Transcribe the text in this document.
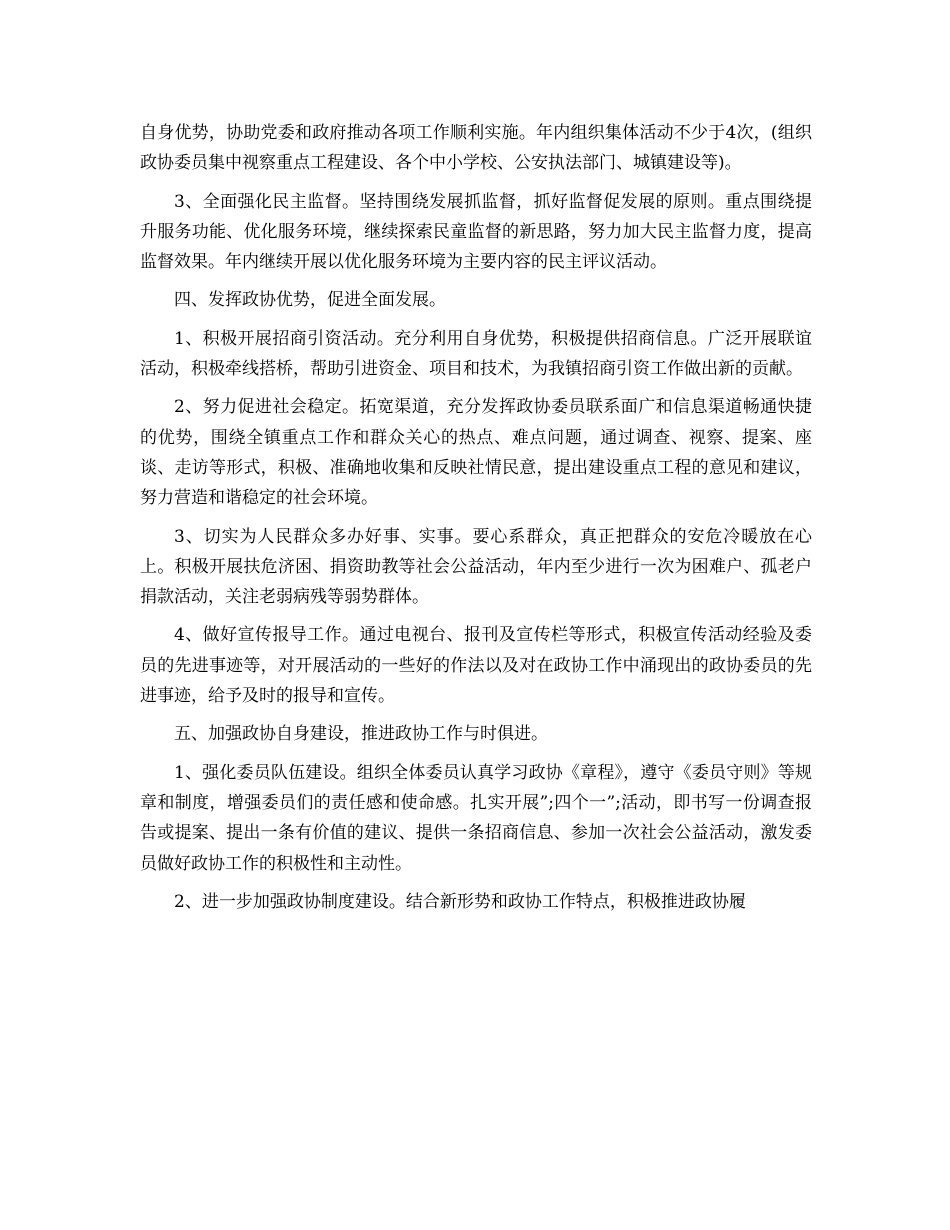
自身优势，协助党委和政府推动各项工作顺利实施。年内组织集体活动不少于4次，(组织政协委员集中视察重点工程建设、各个中小学校、公安执法部门、城镇建设等)。

3、全面强化民主监督。坚持围绕发展抓监督，抓好监督促发展的原则。重点围绕提升服务功能、优化服务环境，继续探索民童监督的新思路，努力加大民主监督力度，提高监督效果。年内继续开展以优化服务环境为主要内容的民主评议活动。

四、发挥政协优势，促进全面发展。

1、积极开展招商引资活动。充分利用自身优势，积极提供招商信息。广泛开展联谊活动，积极牵线搭桥，帮助引进资金、项目和技术，为我镇招商引资工作做出新的贡献。

2、努力促进社会稳定。拓宽渠道，充分发挥政协委员联系面广和信息渠道畅通快捷的优势，围绕全镇重点工作和群众关心的热点、难点问题，通过调查、视察、提案、座谈、走访等形式，积极、准确地收集和反映社情民意，提出建设重点工程的意见和建议，努力营造和谐稳定的社会环境。

3、切实为人民群众多办好事、实事。要心系群众，真正把群众的安危冷暖放在心上。积极开展扶危济困、捐资助教等社会公益活动，年内至少进行一次为困难户、孤老户捐款活动，关注老弱病残等弱势群体。

4、做好宣传报导工作。通过电视台、报刊及宣传栏等形式，积极宣传活动经验及委员的先进事迹等，对开展活动的一些好的作法以及对在政协工作中涌现出的政协委员的先进事迹，给予及时的报导和宣传。

五、加强政协自身建设，推进政协工作与时俱进。

1、强化委员队伍建设。组织全体委员认真学习政协《章程》，遵守《委员守则》等规章和制度，增强委员们的责任感和使命感。扎实开展”;四个一”;活动，即书写一份调查报告或提案、提出一条有价值的建议、提供一条招商信息、参加一次社会公益活动，激发委员做好政协工作的积极性和主动性。

2、进一步加强政协制度建设。结合新形势和政协工作特点，积极推进政协履
